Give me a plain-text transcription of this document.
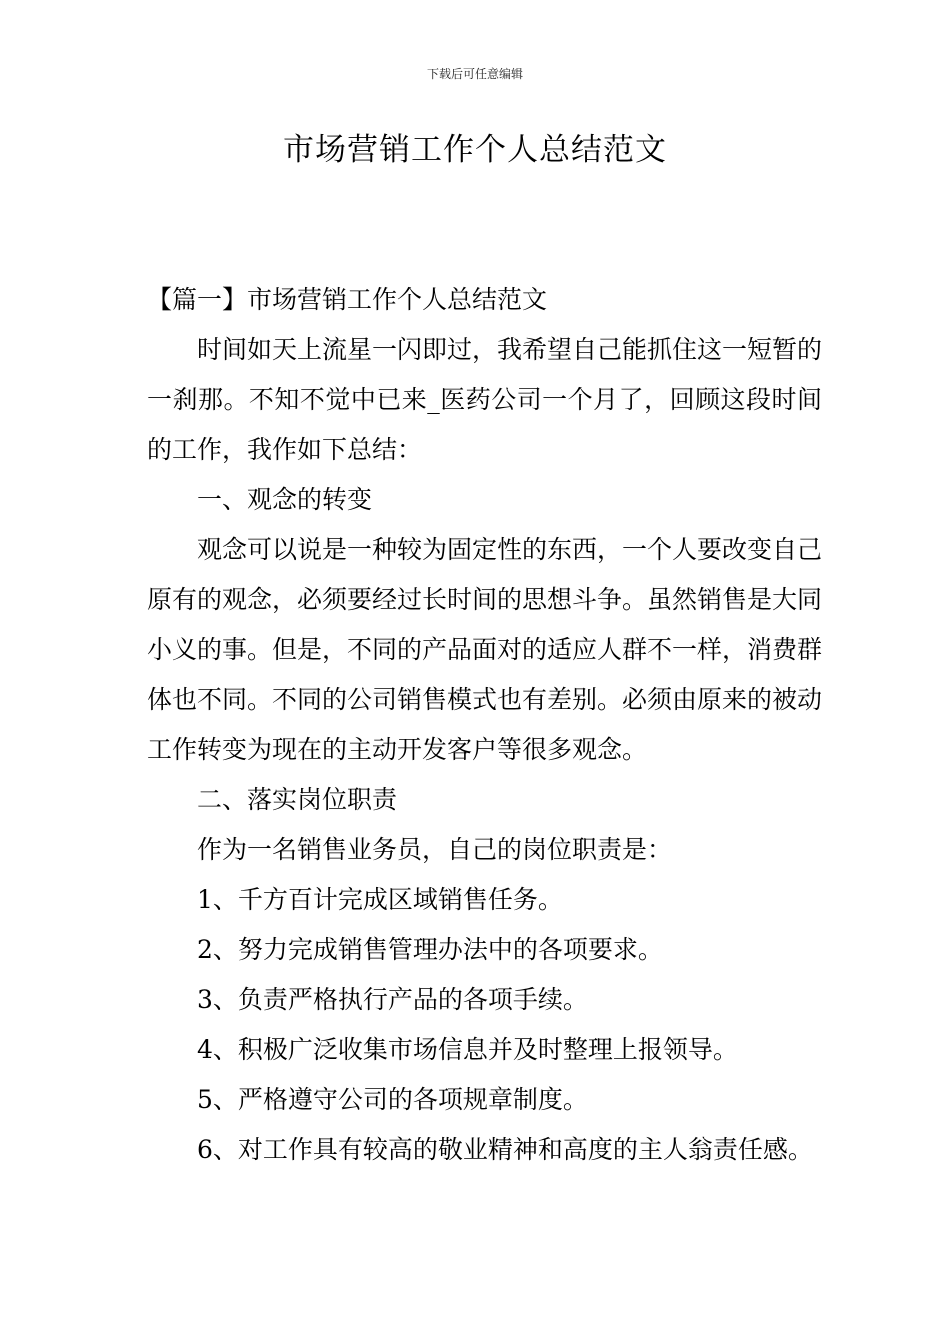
下载后可任意编辑
市场营销工作个人总结范文

【篇一】市场营销工作个人总结范文

时间如天上流星一闪即过，我希望自己能抓住这一短暂的一刹那。不知不觉中已来_医药公司一个月了，回顾这段时间的工作，我作如下总结：

一、观念的转变

观念可以说是一种较为固定性的东西，一个人要改变自己原有的观念，必须要经过长时间的思想斗争。虽然销售是大同小义的事。但是，不同的产品面对的适应人群不一样，消费群体也不同。不同的公司销售模式也有差别。必须由原来的被动工作转变为现在的主动开发客户等很多观念。

二、落实岗位职责

作为一名销售业务员，自己的岗位职责是：

1、千方百计完成区域销售任务。

2、努力完成销售管理办法中的各项要求。

3、负责严格执行产品的各项手续。

4、积极广泛收集市场信息并及时整理上报领导。

5、严格遵守公司的各项规章制度。

6、对工作具有较高的敬业精神和高度的主人翁责任感。
